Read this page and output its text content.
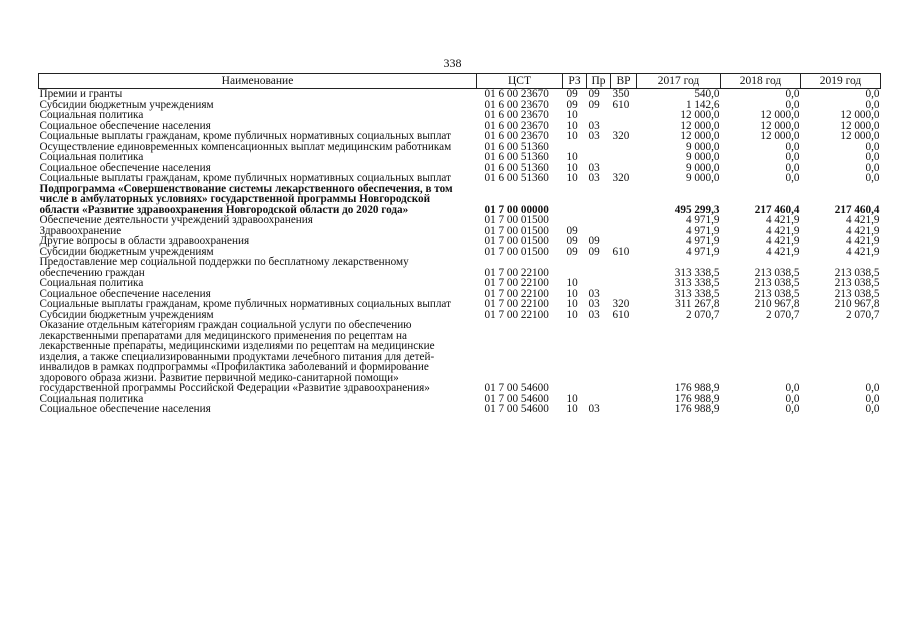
338
Наименование	ЦСТ	РЗ	Пр	ВР	2017 год	2018 год	2019 год
Премии и гранты	01 6 00 23670	09	09	350	540,0	0,0	0,0
Субсидии бюджетным учреждениям	01 6 00 23670	09	09	610	1 142,6	0,0	0,0
Социальная политика	01 6 00 23670	10			12 000,0	12 000,0	12 000,0
Социальное обеспечение населения	01 6 00 23670	10	03		12 000,0	12 000,0	12 000,0
Социальные выплаты гражданам, кроме публичных нормативных социальных выплат	01 6 00 23670	10	03	320	12 000,0	12 000,0	12 000,0
Осуществление единовременных компенсационных выплат медицинским работникам	01 6 00 51360				9 000,0	0,0	0,0
Социальная политика	01 6 00 51360	10			9 000,0	0,0	0,0
Социальное обеспечение населения	01 6 00 51360	10	03		9 000,0	0,0	0,0
Социальные выплаты гражданам, кроме публичных нормативных социальных выплат	01 6 00 51360	10	03	320	9 000,0	0,0	0,0
Подпрограмма «Совершенствование системы лекарственного обеспечения, в том числе в амбулаторных условиях» государственной программы Новгородской области «Развитие здравоохранения Новгородской области до 2020 года»	01 7 00 00000				495 299,3	217 460,4	217 460,4
Обеспечение деятельности учреждений здравоохранения	01 7 00 01500				4 971,9	4 421,9	4 421,9
Здравоохранение	01 7 00 01500	09			4 971,9	4 421,9	4 421,9
Другие вопросы в области здравоохранения	01 7 00 01500	09	09		4 971,9	4 421,9	4 421,9
Субсидии бюджетным учреждениям	01 7 00 01500	09	09	610	4 971,9	4 421,9	4 421,9
Предоставление мер социальной поддержки по бесплатному лекарственному обеспечению граждан	01 7 00 22100				313 338,5	213 038,5	213 038,5
Социальная политика	01 7 00 22100	10			313 338,5	213 038,5	213 038,5
Социальное обеспечение населения	01 7 00 22100	10	03		313 338,5	213 038,5	213 038,5
Социальные выплаты гражданам, кроме публичных нормативных социальных выплат	01 7 00 22100	10	03	320	311 267,8	210 967,8	210 967,8
Субсидии бюджетным учреждениям	01 7 00 22100	10	03	610	2 070,7	2 070,7	2 070,7
Оказание отдельным категориям граждан социальной услуги по обеспечению лекарственными препаратами для медицинского применения по рецептам на лекарственные препараты, медицинскими изделиями по рецептам на медицинские изделия, а также специализированными продуктами лечебного питания для детей-инвалидов в рамках подпрограммы «Профилактика заболеваний и формирование здорового образа жизни. Развитие первичной медико-санитарной помощи» государственной программы Российской Федерации «Развитие здравоохранения»	01 7 00 54600				176 988,9	0,0	0,0
Социальная политика	01 7 00 54600	10			176 988,9	0,0	0,0
Социальное обеспечение населения	01 7 00 54600	10	03		176 988,9	0,0	0,0
